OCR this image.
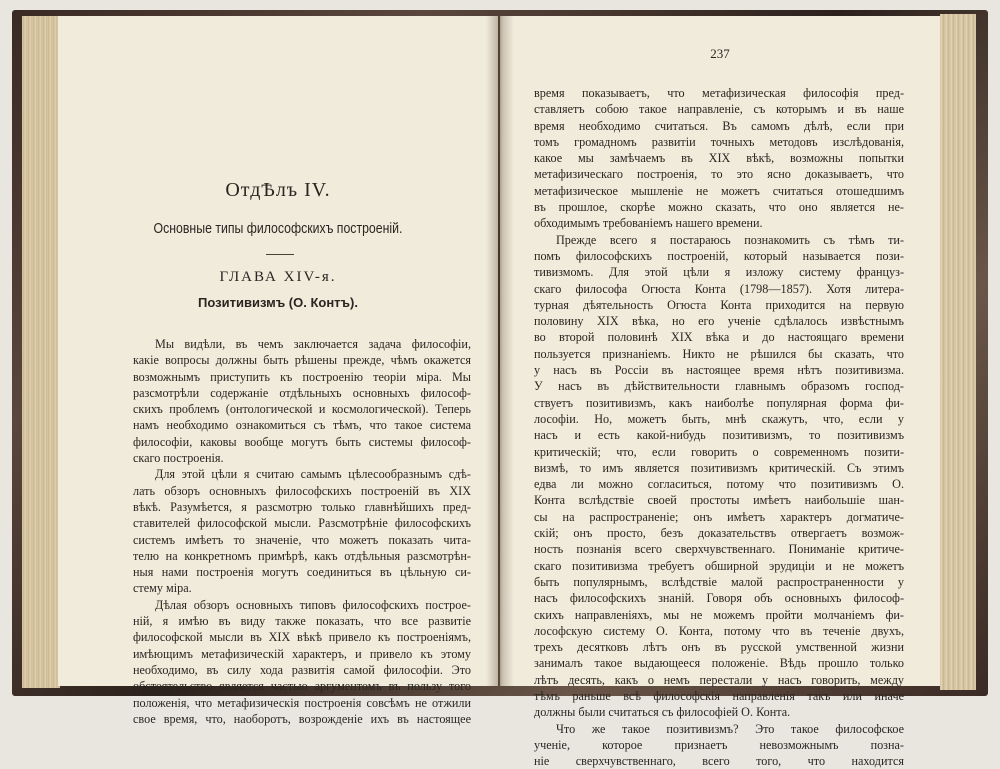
ОтдѢлъ IV.
Основные типы философскихъ построеній.
ГЛАВА XIV-я.
Позитивизмъ (О. Контъ).
Мы видѣли, въ чемъ заключается задача философіи,
какіе вопросы должны быть рѣшены прежде, чѣмъ окажется
возможнымъ приступить къ построенію теоріи міра. Мы
разсмотрѣли содержаніе отдѣльныхъ основныхъ философ-
скихъ проблемъ (онтологической и космологической). Теперь
намъ необходимо ознакомиться съ тѣмъ, что такое система
философіи, каковы вообще могутъ быть системы философ-
скаго построенія.
Для этой цѣли я считаю самымъ цѣлесообразнымъ сдѣ-
лать обзоръ основныхъ философскихъ построеній въ XIX
вѣкѣ. Разумѣется, я разсмотрю только главнѣйшихъ пред-
ставителей философской мысли. Разсмотрѣніе философскихъ
системъ имѣетъ то значеніе, что можетъ показать чита-
телю на конкретномъ примѣрѣ, какъ отдѣльныя разсмотрѣн-
ныя нами построенія могутъ соединиться въ цѣльную си-
стему міра.
Дѣлая обзоръ основныхъ типовъ философскихъ построе-
ній, я имѣю въ виду также показать, что все развитіе
философской мысли въ XIX вѣкѣ привело къ построеніямъ,
имѣющимъ метафизическій характеръ, и привело къ этому
необходимо, въ силу хода развитія самой философіи. Это
обстоятельство является частью аргументомъ въ пользу того
положенія, что метафизическія построенія совсѣмъ не отжили
свое время, что, наоборотъ, возрожденіе ихъ въ настоящее
237
время показываетъ, что метафизическая философія пред-
ставляетъ собою такое направленіе, съ которымъ и въ наше
время необходимо считаться. Въ самомъ дѣлѣ, если при
томъ громадномъ развитіи точныхъ методовъ изслѣдованія,
какое мы замѣчаемъ въ XIX вѣкѣ, возможны попытки
метафизическаго построенія, то это ясно доказываетъ, что
метафизическое мышленіе не можетъ считаться отошедшимъ
въ прошлое, скорѣе можно сказать, что оно является не-
обходимымъ требованіемъ нашего времени.
Прежде всего я постараюсь познакомить съ тѣмъ ти-
помъ философскихъ построеній, который называется пози-
тивизмомъ. Для этой цѣли я изложу систему француз-
скаго философа Огюста Конта (1798—1857). Хотя литера-
турная дѣятельность Огюста Конта приходится на первую
половину XIX вѣка, но его ученіе сдѣлалось извѣстнымъ
во второй половинѣ XIX вѣка и до настоящаго времени
пользуется признаніемъ. Никто не рѣшился бы сказать, что
у насъ въ Россіи въ настоящее время нѣтъ позитивизма.
У насъ въ дѣйствительности главнымъ образомъ господ-
ствуетъ позитивизмъ, какъ наиболѣе популярная форма фи-
лософіи. Но, можетъ быть, мнѣ скажутъ, что, если у
насъ и есть какой-нибудь позитивизмъ, то позитивизмъ
критическій; что, если говорить о современномъ позити-
визмѣ, то имъ является позитивизмъ критическій. Съ этимъ
едва ли можно согласиться, потому что позитивизмъ О.
Конта вслѣдствіе своей простоты имѣетъ наибольшіе шан-
сы на распространеніе; онъ имѣетъ характеръ догматиче-
скій; онъ просто, безъ доказательствъ отвергаетъ возмож-
ность познанія всего сверхчувственнаго. Пониманіе критиче-
скаго позитивизма требуетъ обширной эрудиціи и не можетъ
быть популярнымъ, вслѣдствіе малой распространенности у
насъ философскихъ знаній. Говоря объ основныхъ философ-
скихъ направленіяхъ, мы не можемъ пройти молчаніемъ фи-
лософскую систему О. Конта, потому что въ теченіе двухъ,
трехъ десятковъ лѣтъ онъ въ русской умственной жизни
занималъ такое выдающееся положеніе. Вѣдь прошло только
лѣтъ десять, какъ о немъ перестали у насъ говорить, между
тѣмъ раньше всѣ философскія направленія такъ или иначе
должны были считаться съ философіей О. Конта.
Что же такое позитивизмъ? Это такое философское
ученіе, которое признаетъ невозможнымъ позна-
ніе сверхчувственнаго, всего того, что находится
